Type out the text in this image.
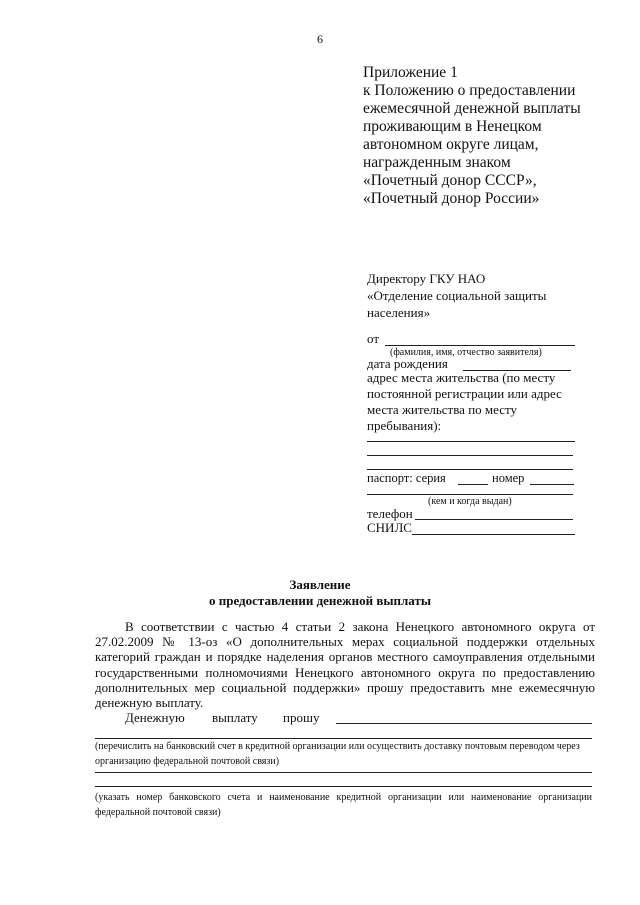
6
Приложение 1
к Положению о предоставлении
ежемесячной денежной выплаты
проживающим в Ненецком
автономном округе лицам,
награжденным знаком
«Почетный донор СССР»,
«Почетный донор России»
Директору ГКУ НАО
«Отделение социальной защиты
населения»
от
(фамилия, имя, отчество заявителя)
дата рождения
адрес места жительства (по месту
постоянной регистрации или адрес
места жительства по месту
пребывания):
паспорт: серия	номер
(кем и когда выдан)
телефон
СНИЛС
Заявление
о предоставлении денежной выплаты

В соответствии с частью 4 статьи 2 закона Ненецкого автономного округа от 27.02.2009 № 13-оз «О дополнительных мерах социальной поддержки отдельных категорий граждан и порядке наделения органов местного самоуправления отдельными государственными полномочиями Ненецкого автономного округа по предоставлению дополнительных мер социальной поддержки» прошу предоставить мне ежемесячную денежную выплату.

Денежную выплату прошу
(перечислить на банковский счет в кредитной организации или осуществить доставку почтовым переводом через организацию федеральной почтовой связи)
(указать номер банковского счета и наименование кредитной организации или наименование организации федеральной почтовой связи)
